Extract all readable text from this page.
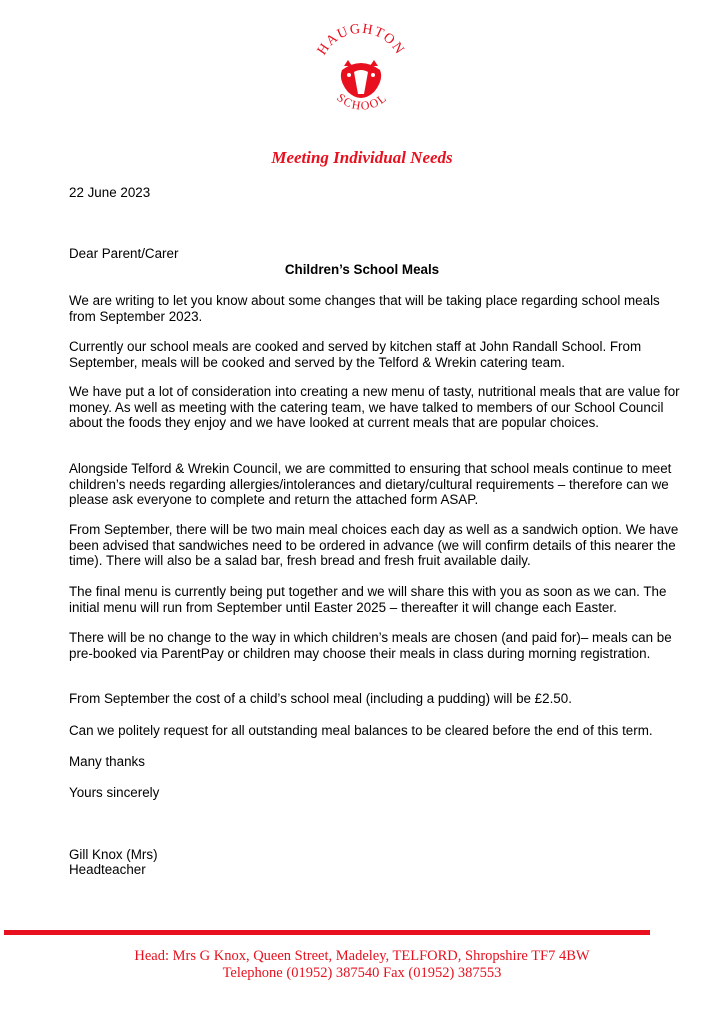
HAUGHTON
SCHOOL
Meeting Individual Needs
22 June 2023
Dear Parent/Carer
Children’s School Meals
We are writing to let you know about some changes that will be taking place regarding school meals from September 2023.
Currently our school meals are cooked and served by kitchen staff at John Randall School. From September, meals will be cooked and served by the Telford & Wrekin catering team.
We have put a lot of consideration into creating a new menu of tasty, nutritional meals that are value for money. As well as meeting with the catering team, we have talked to members of our School Council about the foods they enjoy and we have looked at current meals that are popular choices.
Alongside Telford & Wrekin Council, we are committed to ensuring that school meals continue to meet children’s needs regarding allergies/intolerances and dietary/cultural requirements – therefore can we please ask everyone to complete and return the attached form ASAP.
From September, there will be two main meal choices each day as well as a sandwich option. We have been advised that sandwiches need to be ordered in advance (we will confirm details of this nearer the time). There will also be a salad bar, fresh bread and fresh fruit available daily.
The final menu is currently being put together and we will share this with you as soon as we can. The initial menu will run from September until Easter 2025 – thereafter it will change each Easter.
There will be no change to the way in which children’s meals are chosen (and paid for)– meals can be pre-booked via ParentPay or children may choose their meals in class during morning registration.
From September the cost of a child’s school meal (including a pudding) will be £2.50.
Can we politely request for all outstanding meal balances to be cleared before the end of this term.
Many thanks
Yours sincerely
Gill Knox (Mrs)
Headteacher
Head: Mrs G Knox, Queen Street, Madeley, TELFORD, Shropshire TF7 4BW
Telephone (01952) 387540 Fax (01952) 387553
